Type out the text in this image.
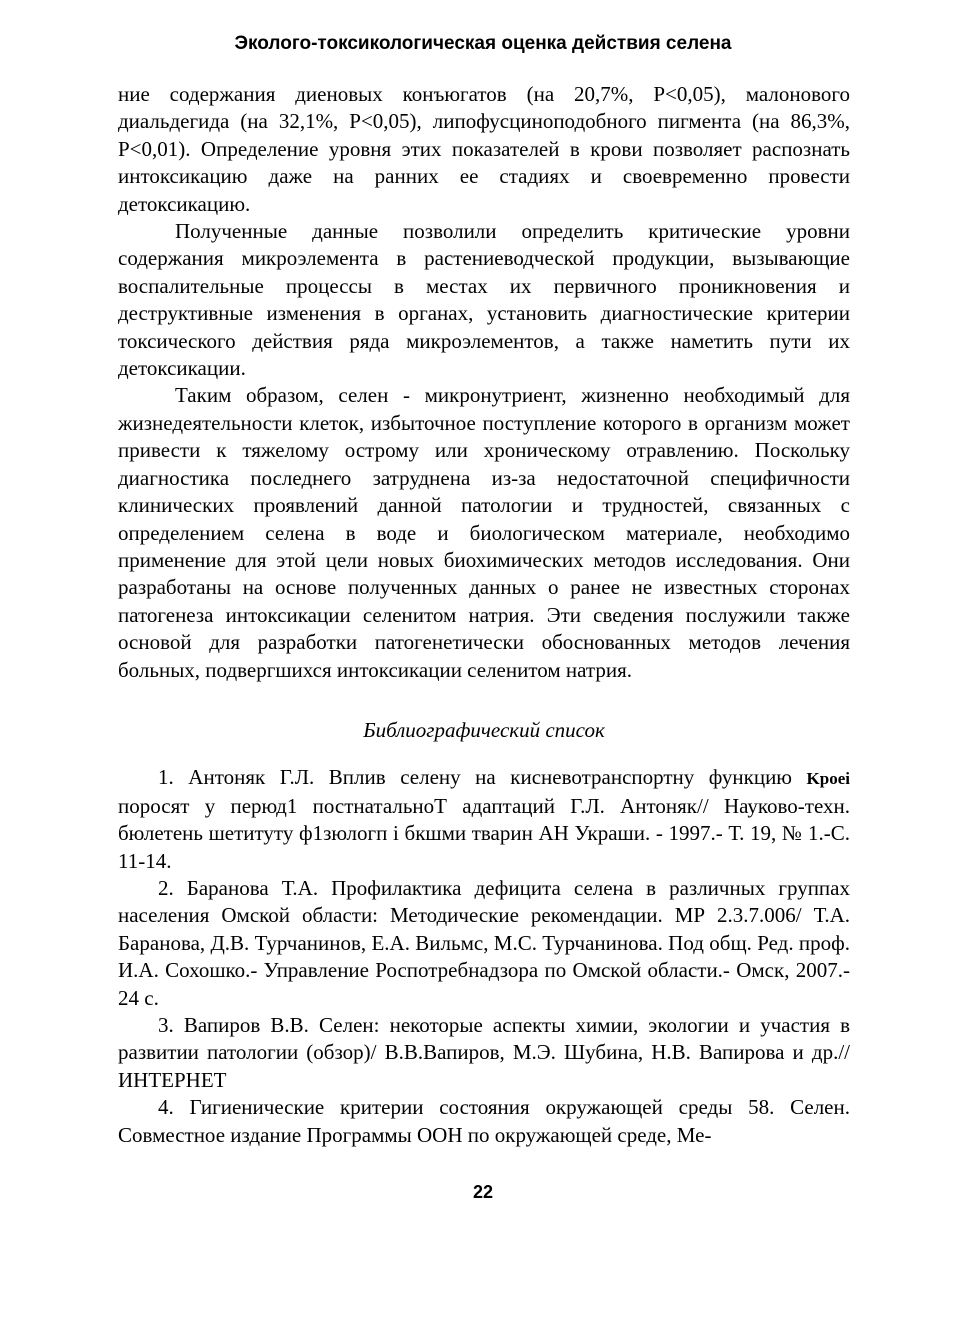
Эколого-токсикологическая оценка действия селена

ние содержания диеновых конъюгатов (на 20,7%, Р<0,05), малонового диальдегида (на 32,1%, Р<0,05), липофусциноподобного пигмента (на 86,3%, Р<0,01). Определение уровня этих показателей в крови позволяет распознать интоксикацию даже на ранних ее стадиях и своевременно провести детоксикацию.

Полученные данные позволили определить критические уровни содержания микроэлемента в растениеводческой продукции, вызывающие воспалительные процессы в местах их первичного проникновения и деструктивные изменения в органах, установить диагностические критерии токсического действия ряда микроэлементов, а также наметить пути их детоксикации.

Таким образом, селен - микронутриент, жизненно необходимый для жизнедеятельности клеток, избыточное поступление которого в организм может привести к тяжелому острому или хроническому отравлению. Поскольку диагностика последнего затруднена из-за недостаточной специфичности клинических проявлений данной патологии и трудностей, связанных с определением селена в воде и биологическом материале, необходимо применение для этой цели новых биохимических методов исследования. Они разработаны на основе полученных данных о ранее не известных сторонах патогенеза интоксикации селенитом натрия. Эти сведения послужили также основой для разработки патогенетически обоснованных методов лечения больных, подвергшихся интоксикации селенитом натрия.

Библиографический список

1. Антоняк Г.Л. Вплив селену на кисневотранспортну функцию Kpoei поросят у перюд1 постнатальноТ адаптаций Г.Л. Антоняк// Науково-техн. бюлетень шетитуту ф1зюлогп і бкшми тварин АН Украши. - 1997.- Т. 19, № 1.-С. 11-14.

2. Баранова Т.А. Профилактика дефицита селена в различных группах населения Омской области: Методические рекомендации. МР 2.3.7.006/ Т.А. Баранова, Д.В. Турчанинов, Е.А. Вильмс, М.С. Турчанинова. Под общ. Ред. проф. И.А. Сохошко.- Управление Роспотребнадзора по Омской области.- Омск, 2007.- 24 с.

3. Вапиров В.В. Селен: некоторые аспекты химии, экологии и участия в развитии патологии (обзор)/ В.В.Вапиров, М.Э. Шубина, Н.В. Вапирова и др.// ИНТЕРНЕТ

4. Гигиенические критерии состояния окружающей среды 58. Селен. Совместное издание Программы ООН по окружающей среде, Ме-

22
